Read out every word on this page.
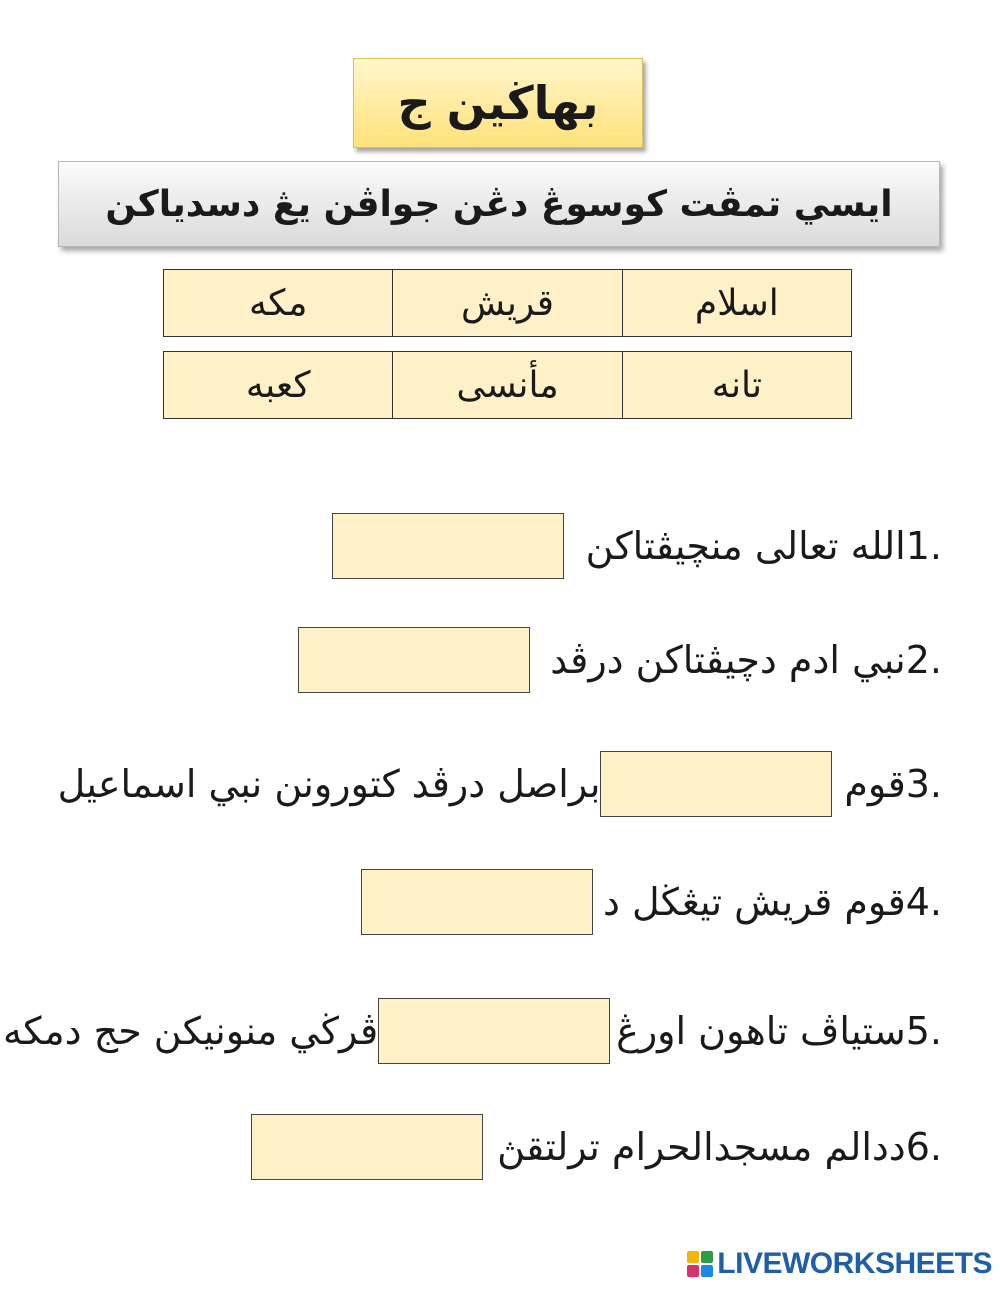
بهاڬين ج
ايسي تمڤت كوسوڠ دڠن جواڤن يڠ دسدياكن
اسلام
قريش
مكه
تانه
مأنسى
كعبه
الله تعالى منچيڤتاكن 1.
نبي ادم دچيڤتاكن درڤد 2.
براصل درڤد كتورونن نبي اسماعيل	قوم 3.
قوم قريش تيڠڬل د 4.
ڤرڬي منونيكن حج دمكه	ستياڤ تاهون اورڠ 5.
ددالم مسجدالحرام ترلتقڽ 6.
LIVEWORKSHEETS
